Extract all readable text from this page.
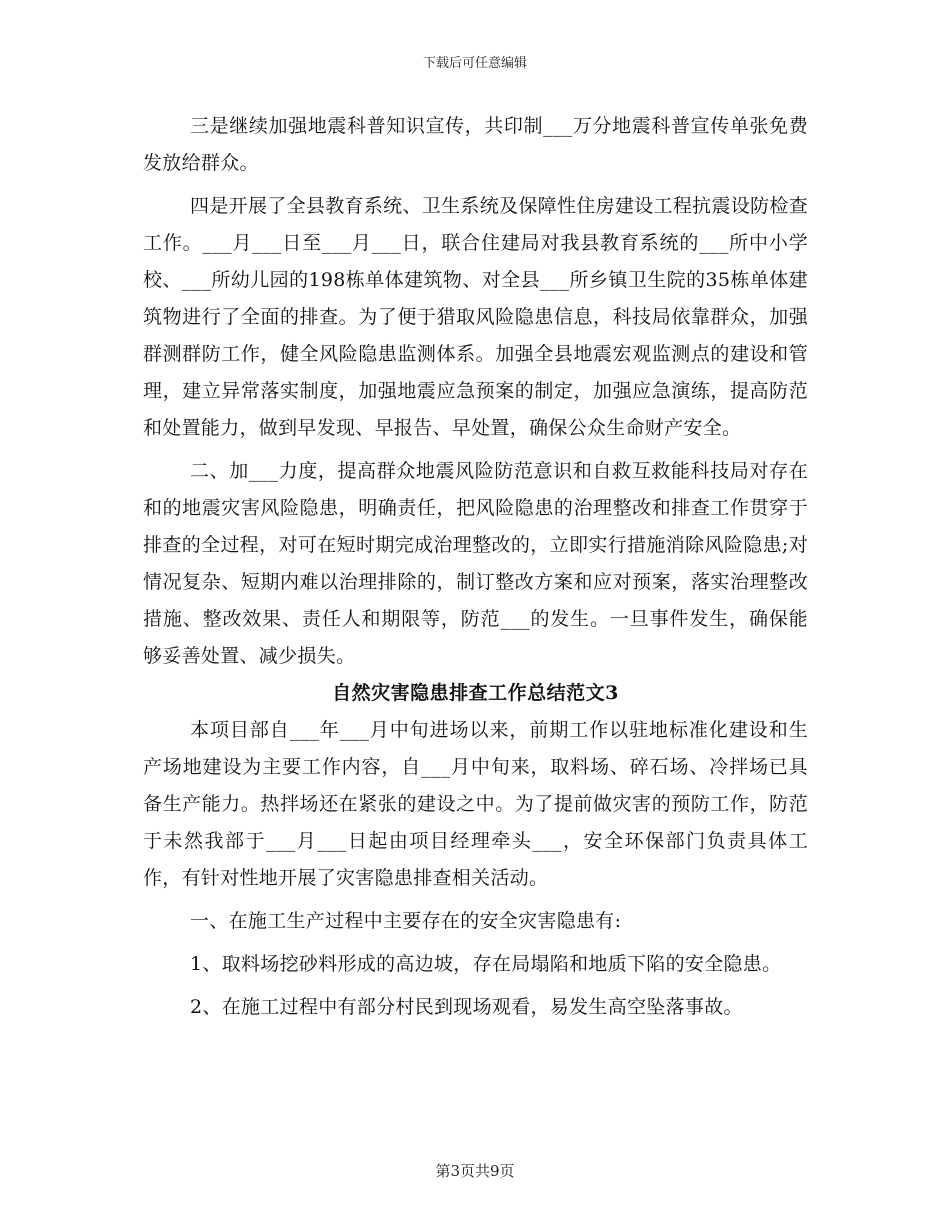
下载后可任意编辑

三是继续加强地震科普知识宣传，共印制___万分地震科普宣传单张免费发放给群众。

四是开展了全县教育系统、卫生系统及保障性住房建设工程抗震设防检查工作。___月___日至___月___日，联合住建局对我县教育系统的___所中小学校、___所幼儿园的198栋单体建筑物、对全县___所乡镇卫生院的35栋单体建筑物进行了全面的排查。为了便于猎取风险隐患信息，科技局依靠群众，加强群测群防工作，健全风险隐患监测体系。加强全县地震宏观监测点的建设和管理，建立异常落实制度，加强地震应急预案的制定，加强应急演练，提高防范和处置能力，做到早发现、早报告、早处置，确保公众生命财产安全。

二、加___力度，提高群众地震风险防范意识和自救互救能科技局对存在和的地震灾害风险隐患，明确责任，把风险隐患的治理整改和排查工作贯穿于排查的全过程，对可在短时期完成治理整改的，立即实行措施消除风险隐患;对情况复杂、短期内难以治理排除的，制订整改方案和应对预案，落实治理整改措施、整改效果、责任人和期限等，防范___的发生。一旦事件发生，确保能够妥善处置、减少损失。

自然灾害隐患排查工作总结范文3

本项目部自___年___月中旬进场以来，前期工作以驻地标准化建设和生产场地建设为主要工作内容，自___月中旬来，取料场、碎石场、冷拌场已具备生产能力。热拌场还在紧张的建设之中。为了提前做灾害的预防工作，防范于未然我部于___月___日起由项目经理牵头___，安全环保部门负责具体工作，有针对性地开展了灾害隐患排查相关活动。

一、在施工生产过程中主要存在的安全灾害隐患有:

1、取料场挖砂料形成的高边坡，存在局塌陷和地质下陷的安全隐患。

2、在施工过程中有部分村民到现场观看，易发生高空坠落事故。

第3页共9页
